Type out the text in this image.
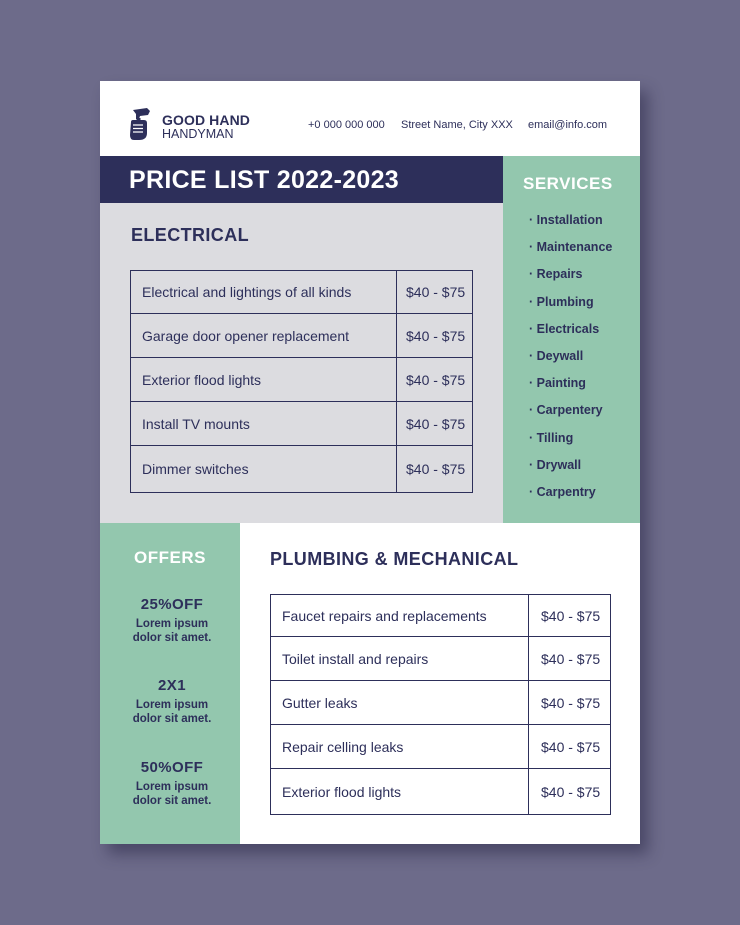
GOOD HAND
HANDYMAN
+0 000 000 000 Street Name, City XXX email@info.com
PRICE LIST 2022-2023
ELECTRICAL
Electrical and lightings of all kinds	$40 - $75
Garage door opener replacement	$40 - $75
Exterior flood lights	$40 - $75
Install TV mounts	$40 - $75
Dimmer switches	$40 - $75
SERVICES
· Installation
· Maintenance
· Repairs
· Plumbing
· Electricals
· Deywall
· Painting
· Carpentery
· Tilling
· Drywall
· Carpentry
OFFERS
25%OFF
Lorem ipsum
dolor sit amet.
2X1
Lorem ipsum
dolor sit amet.
50%OFF
Lorem ipsum
dolor sit amet.
PLUMBING & MECHANICAL
Faucet repairs and replacements	$40 - $75
Toilet install and repairs	$40 - $75
Gutter leaks	$40 - $75
Repair celling leaks	$40 - $75
Exterior flood lights	$40 - $75
